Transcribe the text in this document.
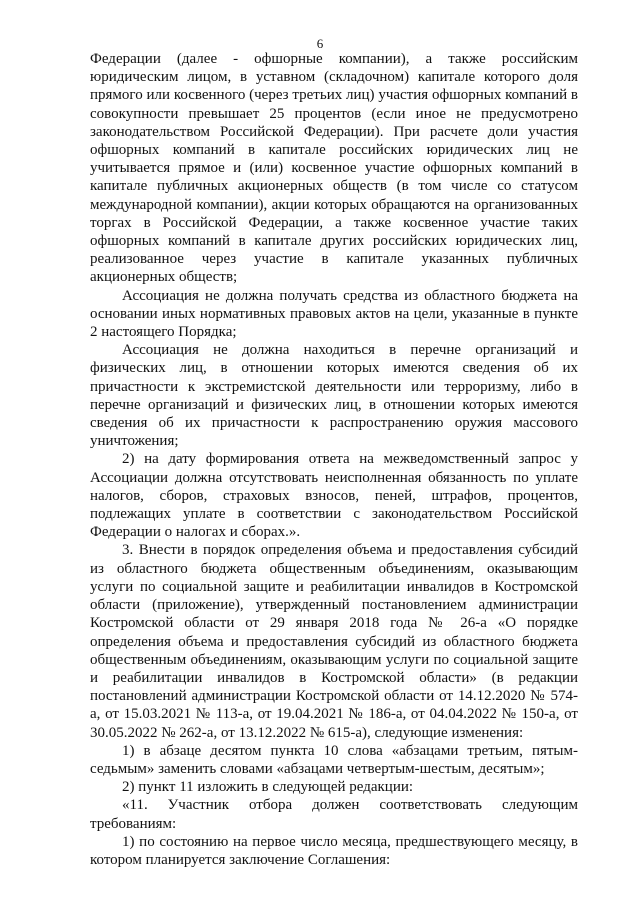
6

Федерации (далее - офшорные компании), а также российским юридическим лицом, в уставном (складочном) капитале которого доля прямого или косвенного (через третьих лиц) участия офшорных компаний в совокупности превышает 25 процентов (если иное не предусмотрено законодательством Российской Федерации). При расчете доли участия офшорных компаний в капитале российских юридических лиц не учитывается прямое и (или) косвенное участие офшорных компаний в капитале публичных акционерных обществ (в том числе со статусом международной компании), акции которых обращаются на организованных торгах в Российской Федерации, а также косвенное участие таких офшорных компаний в капитале других российских юридических лиц, реализованное через участие в капитале указанных публичных акционерных обществ;

Ассоциация не должна получать средства из областного бюджета на основании иных нормативных правовых актов на цели, указанные в пункте 2 настоящего Порядка;

Ассоциация не должна находиться в перечне организаций и физических лиц, в отношении которых имеются сведения об их причастности к экстремистской деятельности или терроризму, либо в перечне организаций и физических лиц, в отношении которых имеются сведения об их причастности к распространению оружия массового уничтожения;

2) на дату формирования ответа на межведомственный запрос у Ассоциации должна отсутствовать неисполненная обязанность по уплате налогов, сборов, страховых взносов, пеней, штрафов, процентов, подлежащих уплате в соответствии с законодательством Российской Федерации о налогах и сборах.».

3. Внести в порядок определения объема и предоставления субсидий из областного бюджета общественным объединениям, оказывающим услуги по социальной защите и реабилитации инвалидов в Костромской области (приложение), утвержденный постановлением администрации Костромской области от 29 января 2018 года № 26-а «О порядке определения объема и предоставления субсидий из областного бюджета общественным объединениям, оказывающим услуги по социальной защите и реабилитации инвалидов в Костромской области» (в редакции постановлений администрации Костромской области от 14.12.2020 № 574-а, от 15.03.2021 № 113-а, от 19.04.2021 № 186-а, от 04.04.2022 № 150-а, от 30.05.2022 № 262-а, от 13.12.2022 № 615-а), следующие изменения:

1) в абзаце десятом пункта 10 слова «абзацами третьим, пятым-седьмым» заменить словами «абзацами четвертым-шестым, десятым»;

2) пункт 11 изложить в следующей редакции:

«11. Участник отбора должен соответствовать следующим требованиям:

1) по состоянию на первое число месяца, предшествующего месяцу, в котором планируется заключение Соглашения:
